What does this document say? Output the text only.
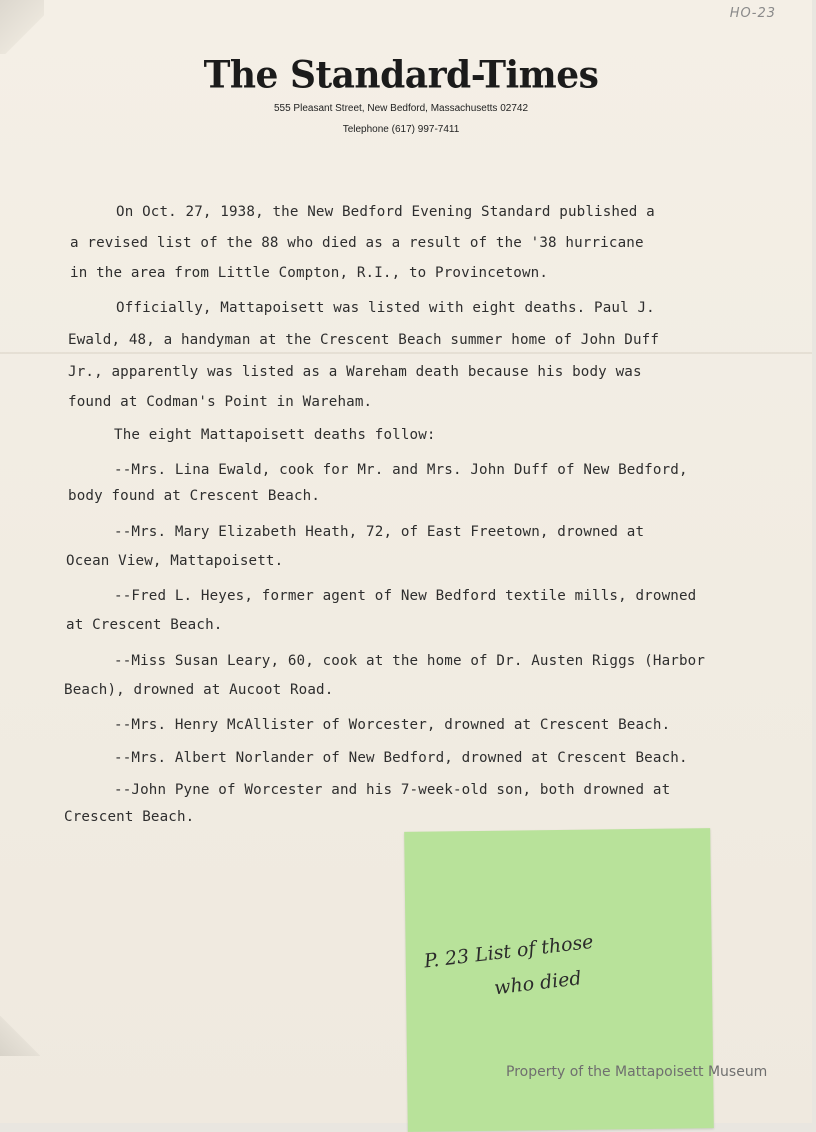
HO-23
The Standard-Times
555 Pleasant Street, New Bedford, Massachusetts 02742
Telephone (617) 997-7411
On Oct. 27, 1938, the New Bedford Evening Standard published a
a revised list of the 88 who died as a result of the '38 hurricane
in the area from Little Compton, R.I., to Provincetown.
Officially, Mattapoisett was listed with eight deaths. Paul J.
Ewald, 48, a handyman at the Crescent Beach summer home of John Duff
Jr., apparently was listed as a Wareham death because his body was
found at Codman's Point in Wareham.
The eight Mattapoisett deaths follow:
--Mrs. Lina Ewald, cook for Mr. and Mrs. John Duff of New Bedford,
body found at Crescent Beach.
--Mrs. Mary Elizabeth Heath, 72, of East Freetown, drowned at
Ocean View, Mattapoisett.
--Fred L. Heyes, former agent of New Bedford textile mills, drowned
at Crescent Beach.
--Miss Susan Leary, 60, cook at the home of Dr. Austen Riggs (Harbor
Beach), drowned at Aucoot Road.
--Mrs. Henry McAllister of Worcester, drowned at Crescent Beach.
--Mrs. Albert Norlander of New Bedford, drowned at Crescent Beach.
--John Pyne of Worcester and his 7-week-old son, both drowned at
Crescent Beach.
P. 23 List of those
who died
Property of the Mattapoisett Museum
